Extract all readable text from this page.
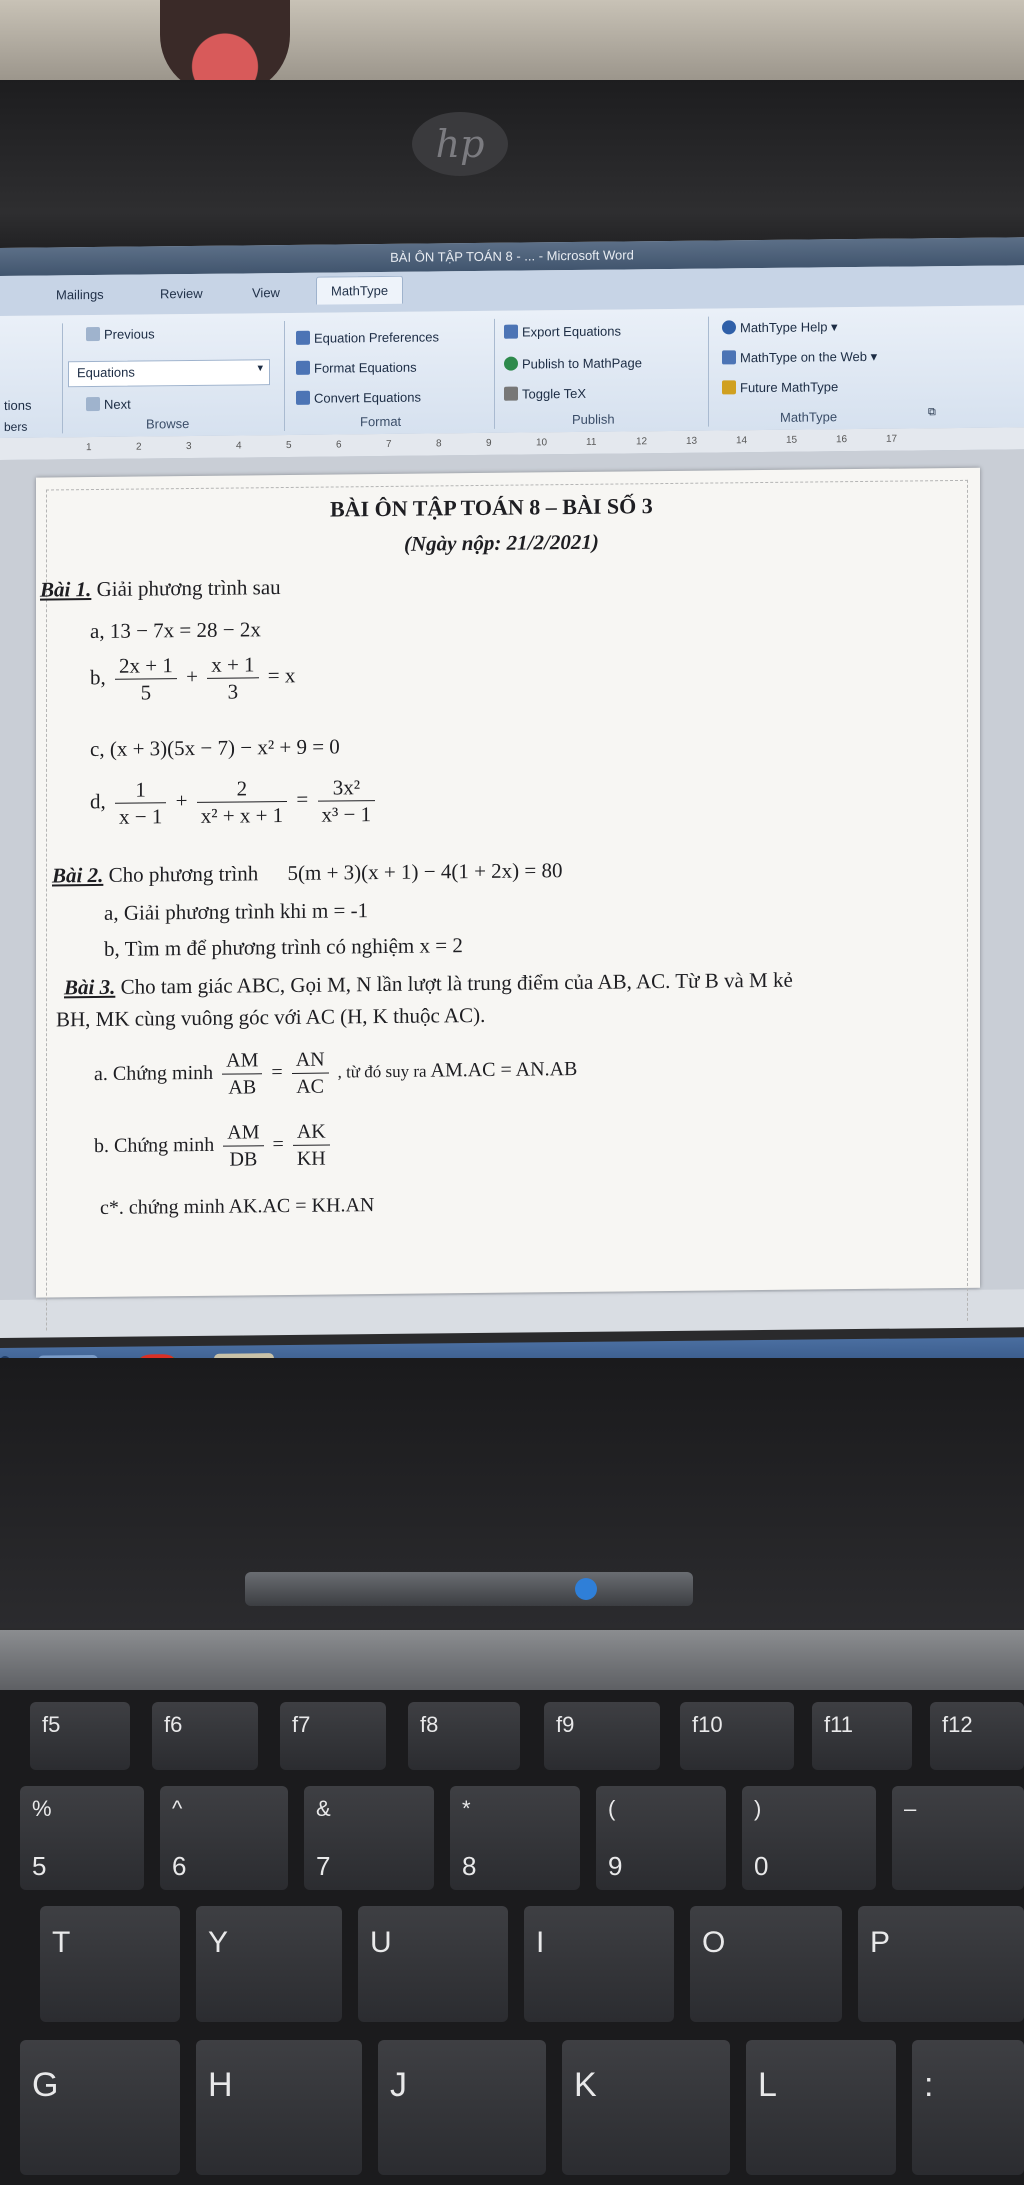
hp
BÀI ÔN TẬP TOÁN 8 - ... - Microsoft Word
Mailings	Review	View	MathType
tions
bers
Previous
Equations	▾
Next
Browse
Equation Preferences
Format Equations
Convert Equations
Format
Export Equations
Publish to MathPage
Toggle TeX
Publish
MathType Help ▾
MathType on the Web ▾
Future MathType
MathType	⧉
1	2	3	4	5	6	7	8	9	10	11	12	13	14	15	16	17
BÀI ÔN TẬP TOÁN 8 – BÀI SỐ 3
(Ngày nộp: 21/2/2021)
Bài 1. Giải phương trình sau
a, 13 − 7x = 28 − 2x
b, $\frac{2x + 1}{5} + \frac{x + 1}{3} = x$
c, (x + 3)(5x − 7) − x² + 9 = 0
d, $\frac{1}{x - 1} + \frac{2}{\text{x² + x + 1}} = \frac{\text{3x²}}{\text{x³ − 1}}$
Bài 2. Cho phương trình 5(m + 3)(x + 1) − 4(1 + 2x) = 80
a, Giải phương trình khi m = -1
b, Tìm m để phương trình có nghiệm x = 2
Bài 3. Cho tam giác ABC, Gọi M, N lần lượt là trung điểm của AB, AC. Từ B và M kẻ
BH, MK cùng vuông góc với AC (H, K thuộc AC).
a. Chứng minh $\frac{AM}{AB} = \frac{AN}{AC}$ , từ đó suy ra AM.AC = AN.AB
b. Chứng minh $\frac{AM}{DB} = \frac{AK}{KH}$
c*. chứng minh AK.AC = KH.AN
f5	f6	f7	f8	f9	f10	f11	f12
%
5
^
6
&
7
*
8
(
9
)
0
–
T	Y	U	I	O	P
G	H	J	K	L	:
